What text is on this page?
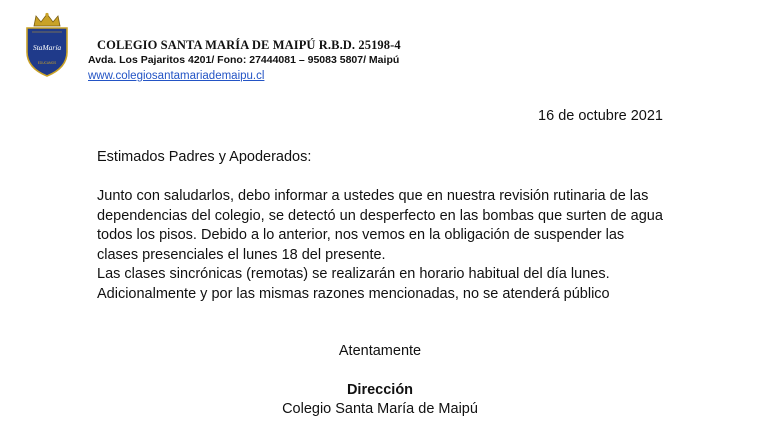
StaMaría
EDUCAMOS
COLEGIO SANTA MARÍA DE MAIPÚ R.B.D. 25198-4
Avda. Los Pajaritos 4201/ Fono: 27444081 – 95083 5807/ Maipú
www.colegiosantamariademaipu.cl
16 de octubre 2021
Estimados Padres y Apoderados:

Junto con saludarlos, debo informar a ustedes que en nuestra revisión rutinaria de las dependencias del colegio, se detectó un desperfecto en las bombas que surten de agua todos los pisos. Debido a lo anterior, nos vemos en la obligación de suspender las clases presenciales el lunes 18 del presente.

Las clases sincrónicas (remotas) se realizarán en horario habitual del día lunes.

Adicionalmente y por las mismas razones mencionadas, no se atenderá público

Atentamente
Dirección
Colegio Santa María de Maipú
